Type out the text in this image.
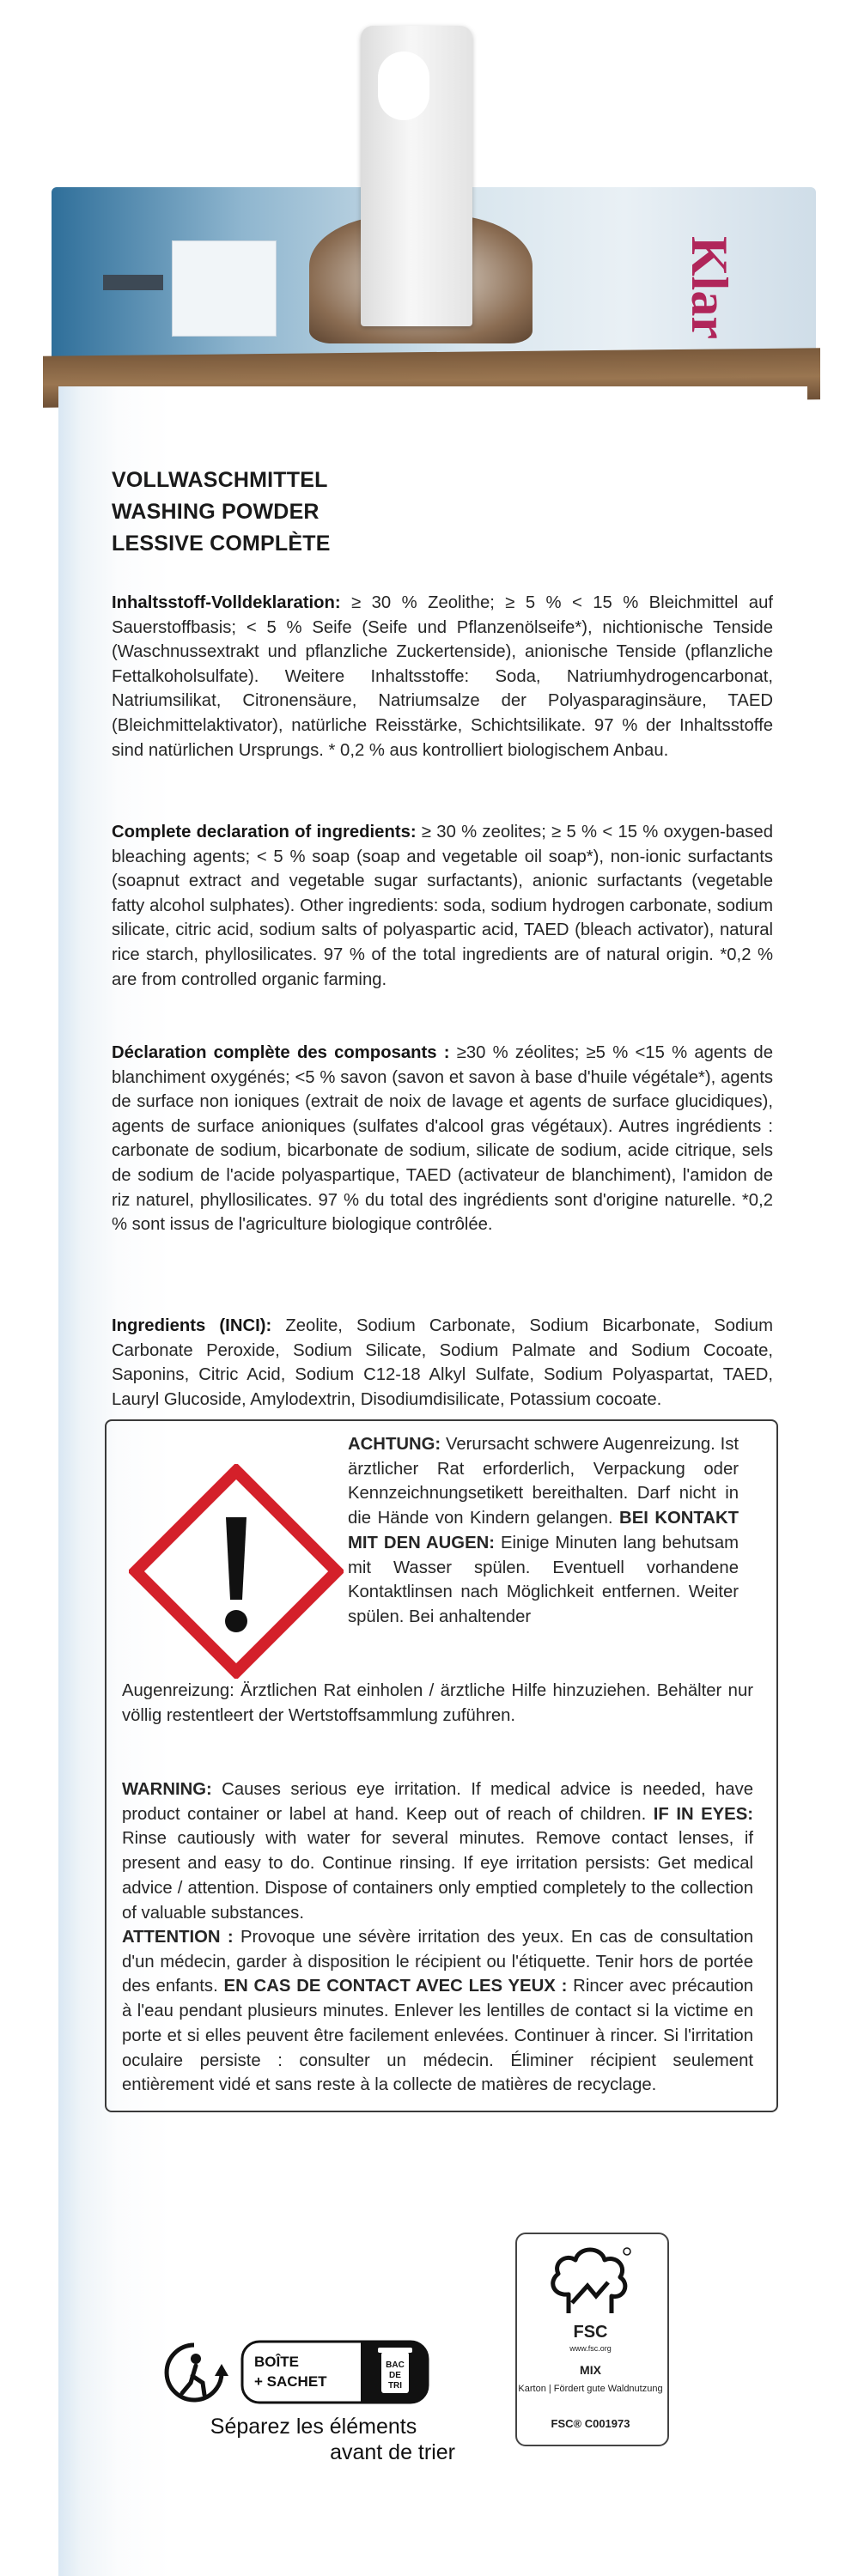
Klar
VOLLWASCHMITTEL
WASHING POWDER
LESSIVE COMPLÈTE
Inhaltsstoff-Volldeklaration: ≥ 30 % Zeolithe; ≥ 5 % < 15 % Bleichmittel auf Sauerstoffbasis; < 5 % Seife (Seife und Pflanzenölseife*), nichtionische Tenside (Waschnussextrakt und pflanzliche Zuckertenside), anionische Tenside (pflanzliche Fettalkoholsulfate). Weitere Inhaltsstoffe: Soda, Natriumhydrogencarbonat, Natriumsilikat, Citronensäure, Natriumsalze der Polyasparaginsäure, TAED (Bleichmittelaktivator), natürliche Reisstärke, Schichtsilikate. 97 % der Inhaltsstoffe sind natürlichen Ursprungs. * 0,2 % aus kontrolliert biologischem Anbau.
Complete declaration of ingredients: ≥ 30 % zeolites; ≥ 5 % < 15 % oxygen-based bleaching agents; < 5 % soap (soap and vegetable oil soap*), non-ionic surfactants (soapnut extract and vegetable sugar surfactants), anionic surfactants (vegetable fatty alcohol sulphates). Other ingredients: soda, sodium hydrogen carbonate, sodium silicate, citric acid, sodium salts of polyaspartic acid, TAED (bleach activator), natural rice starch, phyllosilicates. 97 % of the total ingredients are of natural origin. *0,2 % are from controlled organic farming.
Déclaration complète des composants : ≥30 % zéolites; ≥5 % <15 % agents de blanchiment oxygénés; <5 % savon (savon et savon à base d'huile végétale*), agents de surface non ioniques (extrait de noix de lavage et agents de surface glucidiques), agents de surface anioniques (sulfates d'alcool gras végétaux). Autres ingrédients : carbonate de sodium, bicarbonate de sodium, silicate de sodium, acide citrique, sels de sodium de l'acide polyaspartique, TAED (activateur de blanchiment), l'amidon de riz naturel, phyllosilicates. 97 % du total des ingrédients sont d'origine naturelle. *0,2 % sont issus de l'agriculture biologique contrôlée.
Ingredients (INCI): Zeolite, Sodium Carbonate, Sodium Bicarbonate, Sodium Carbonate Peroxide, Sodium Silicate, Sodium Palmate and Sodium Cocoate, Saponins, Citric Acid, Sodium C12-18 Alkyl Sulfate, Sodium Polyaspartat, TAED, Lauryl Glucoside, Amylodextrin, Disodiumdisilicate, Potassium cocoate.
ACHTUNG: Verursacht schwere Augenreizung. Ist ärztlicher Rat erforderlich, Verpackung oder Kennzeichnungsetikett bereithalten. Darf nicht in die Hände von Kindern gelangen. BEI KONTAKT MIT DEN AUGEN: Einige Minuten lang behutsam mit Wasser spülen. Eventuell vorhandene Kontaktlinsen nach Möglichkeit entfernen. Weiter spülen. Bei anhaltender
Augenreizung: Ärztlichen Rat einholen / ärztliche Hilfe hinzuziehen. Behälter nur völlig restentleert der Wertstoffsammlung zuführen.
WARNING: Causes serious eye irritation. If medical advice is needed, have product container or label at hand. Keep out of reach of children. IF IN EYES: Rinse cautiously with water for several minutes. Remove contact lenses, if present and easy to do. Continue rinsing. If eye irritation persists: Get medical advice / attention. Dispose of containers only emptied completely to the collection of valuable substances.
ATTENTION : Provoque une sévère irritation des yeux. En cas de consultation d'un médecin, garder à disposition le récipient ou l'étiquette. Tenir hors de portée des enfants. EN CAS DE CONTACT AVEC LES YEUX : Rincer avec précaution à l'eau pendant plusieurs minutes. Enlever les lentilles de contact si la victime en porte et si elles peuvent être facilement enlevées. Continuer à rincer. Si l'irritation oculaire persiste : consulter un médecin. Éliminer récipient seulement entièrement vidé et sans reste à la collecte de matières de recyclage.
FSC
www.fsc.org
MIX
Karton | Fördert gute Waldnutzung
FSC® C001973
BOÎTE
+ SACHET
BAC
DE
TRI
Séparez les éléments
avant de trier
